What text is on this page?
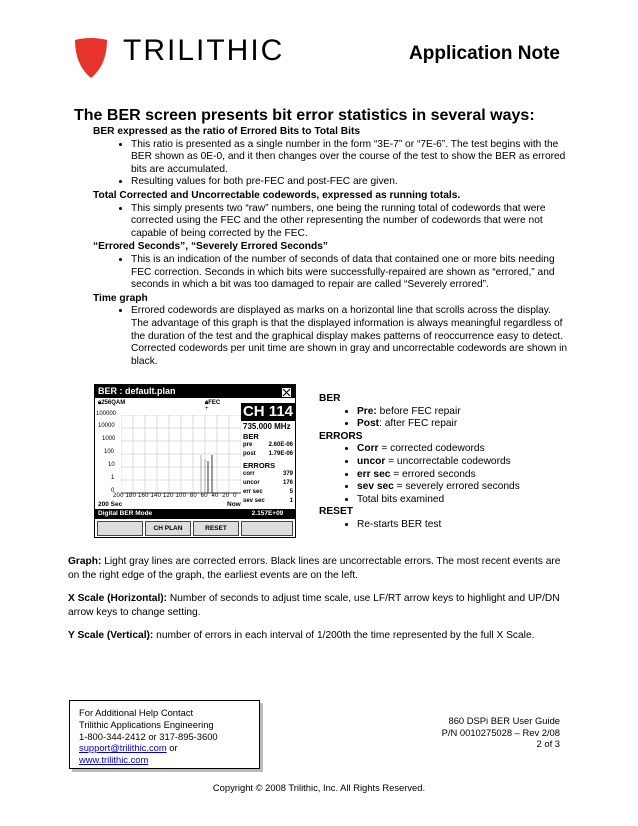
TRILITHIC	Application Note
The BER screen presents bit error statistics in several ways:

BER expressed as the ratio of Errored Bits to Total Bits

• This ratio is presented as a single number in the form “3E-7” or “7E-6”. The test begins with the BER shown as 0E-0, and it then changes over the course of the test to show the BER as errored bits are accumulated.
• Resulting values for both pre-FEC and post-FEC are given.

Total Corrected and Uncorrectable codewords, expressed as running totals.

• This simply presents two “raw” numbers, one being the running total of codewords that were corrected using the FEC and the other representing the number of codewords that were not capable of being corrected by the FEC.

“Errored Seconds”, “Severely Errored Seconds”

• This is an indication of the number of seconds of data that contained one or more bits needing FEC correction. Seconds in which bits were successfully-repaired are shown as “errored,” and seconds in which a bit was too damaged to repair are called “Severely errored”.

Time graph

• Errored codewords are displayed as marks on a horizontal line that scrolls across the display. The advantage of this graph is that the displayed information is always meaningful regardless of the duration of the test and the graphical display makes patterns of reoccurrence easy to detect. Corrected codewords per unit time are shown in gray and uncorrectable codewords are shown in black.
BER : default.plan
🔒︎256QAM	🔒︎FEC
+
100000
10000
1000
100
10
1
0
200 180 160 140 120 100 80 60 40 20 0
CH 114
735.000 MHz
BER
pre	2.60E-06
post 1.79E-06
ERRORS
corr	379
uncor	176
err sec	5
sev sec	1
200 Sec	Now
Digital BER Mode	2.157E+09
CH PLAN	RESET

BER

• Pre: before FEC repair
• Post: after FEC repair

ERRORS

• Corr = corrected codewords
• uncor = uncorrectable codewords
• err sec = errored seconds
• sev sec = severely errored seconds
• Total bits examined

RESET

• Re-starts BER test
Graph: Light gray lines are corrected errors. Black lines are uncorrectable errors. The most recent events are on the right edge of the graph, the earliest events are on the left.
X Scale (Horizontal): Number of seconds to adjust time scale, use LF/RT arrow keys to highlight and UP/DN arrow keys to change setting.
Y Scale (Vertical): number of errors in each interval of 1/200th the time represented by the full X Scale.
For Additional Help Contact
Trilithic Applications Engineering
1-800-344-2412 or 317-895-3600
support@trilithic.com or
www.trilithic.com
860 DSPi BER User Guide
P/N 0010275028 – Rev 2/08
2 of 3
Copyright © 2008 Trilithic, Inc. All Rights Reserved.
